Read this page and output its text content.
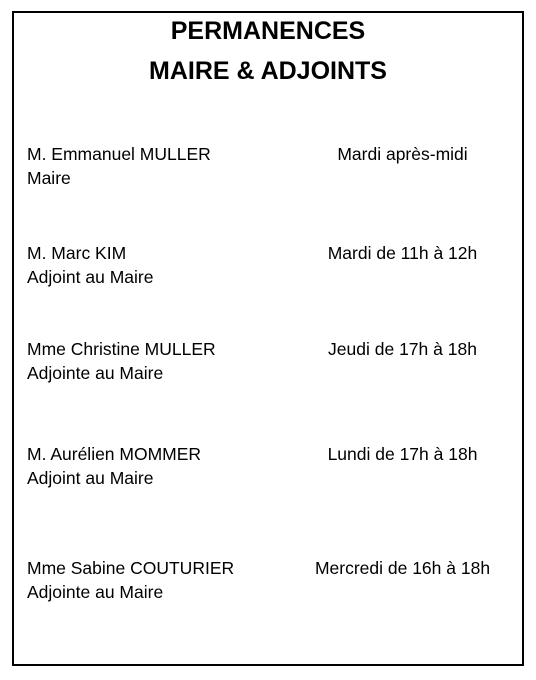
PERMANENCES
MAIRE & ADJOINTS
M. Emmanuel MULLER
Maire
Mardi après-midi
M. Marc KIM
Adjoint au Maire
Mardi de 11h à 12h
Mme Christine MULLER
Adjointe au Maire
Jeudi de 17h à 18h
M. Aurélien MOMMER
Adjoint au Maire
Lundi de 17h à 18h
Mme Sabine COUTURIER
Adjointe au Maire
Mercredi de 16h à 18h
